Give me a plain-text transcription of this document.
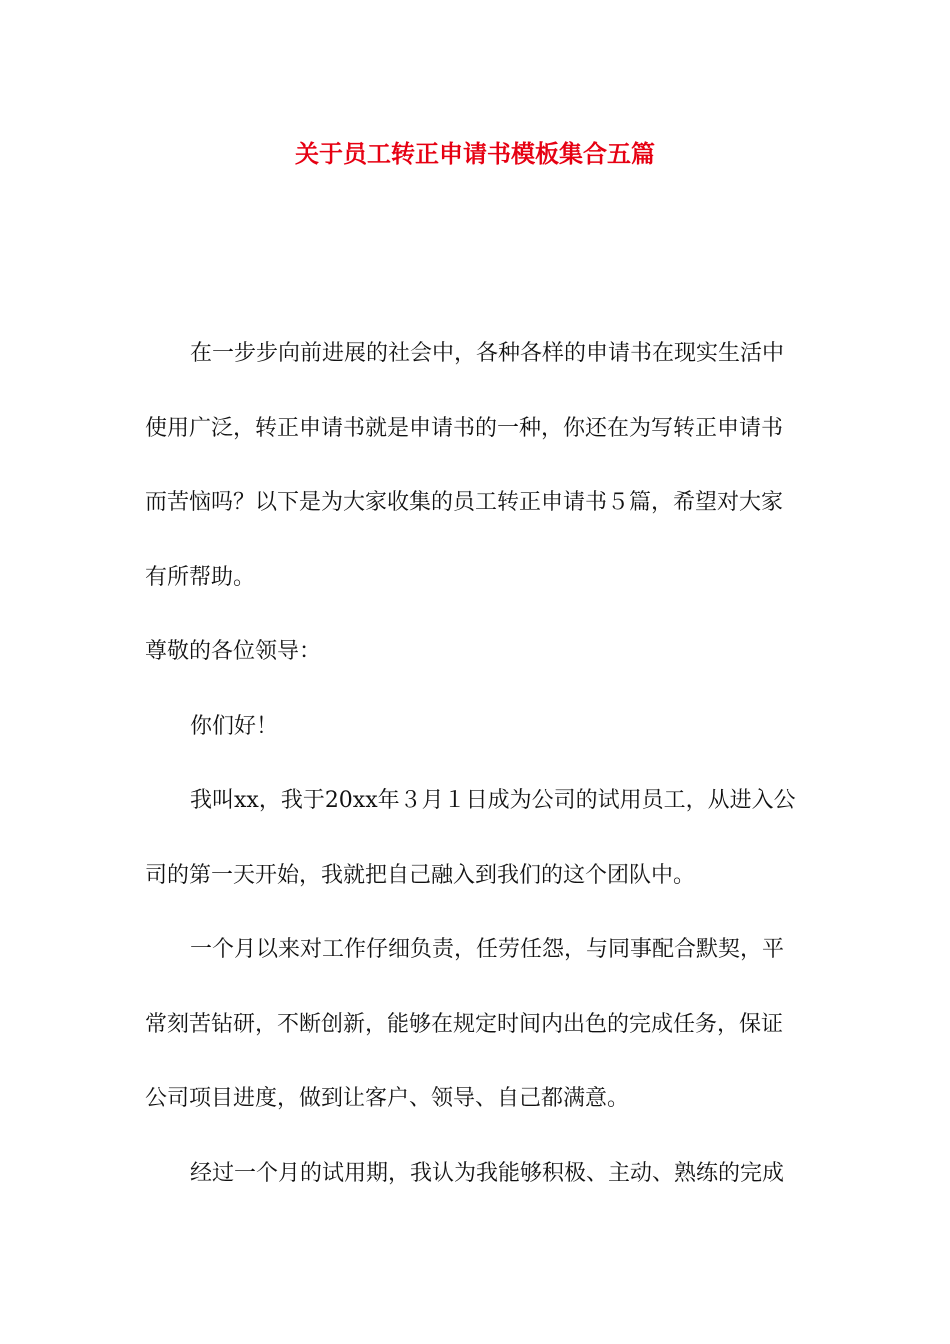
关于员工转正申请书模板集合五篇
在一步步向前进展的社会中，各种各样的申请书在现实生活中
使用广泛，转正申请书就是申请书的一种，你还在为写转正申请书
而苦恼吗？以下是为大家收集的员工转正申请书５篇，希望对大家
有所帮助。
尊敬的各位领导：
你们好！
我叫xx，我于20xx年３月１日成为公司的试用员工，从进入公
司的第一天开始，我就把自己融入到我们的这个团队中。
一个月以来对工作仔细负责，任劳任怨，与同事配合默契，平
常刻苦钻研，不断创新，能够在规定时间内出色的完成任务，保证
公司项目进度，做到让客户、领导、自己都满意。
经过一个月的试用期，我认为我能够积极、主动、熟练的完成
